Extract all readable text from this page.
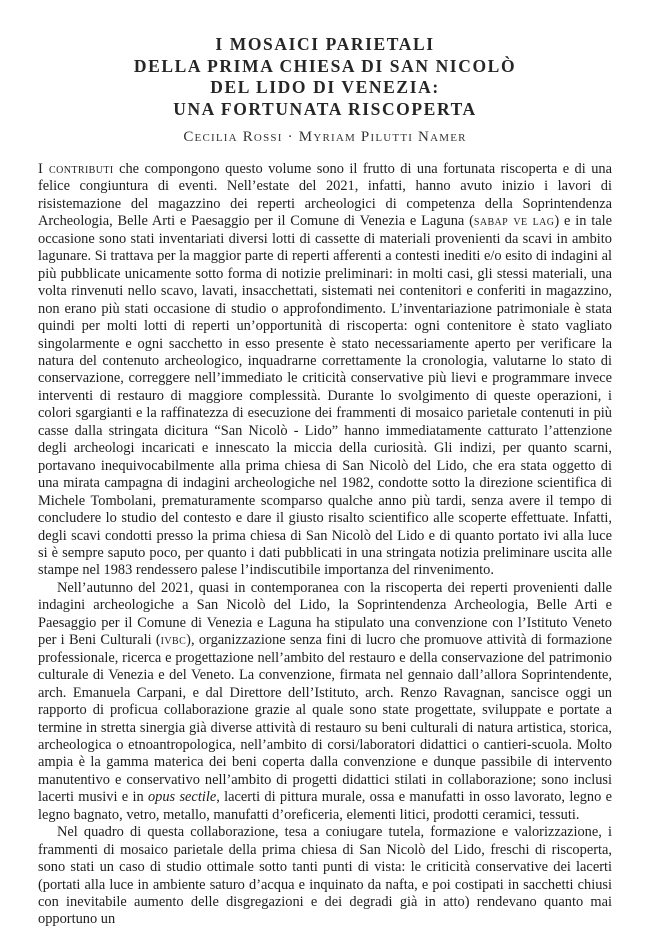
I MOSAICI PARIETALI
DELLA PRIMA CHIESA DI SAN NICOLÒ
DEL LIDO DI VENEZIA:
UNA FORTUNATA RISCOPERTA
Cecilia Rossi · Myriam Pilutti Namer

I contributi che compongono questo volume sono il frutto di una fortunata riscoperta e di una felice congiuntura di eventi. Nell’estate del 2021, infatti, hanno avuto inizio i lavori di risistemazione del magazzino dei reperti archeologici di competenza della Soprintendenza Archeologia, Belle Arti e Paesaggio per il Comune di Venezia e Laguna (sabap ve lag) e in tale occasione sono stati inventariati diversi lotti di cassette di materiali provenienti da scavi in ambito lagunare. Si trattava per la maggior parte di reperti afferenti a contesti inediti e/o esito di indagini al più pubblicate unicamente sotto forma di notizie preliminari: in molti casi, gli stessi materiali, una volta rinvenuti nello scavo, lavati, insacchettati, sistemati nei contenitori e conferiti in magazzino, non erano più stati occasione di studio o approfondimento. L’inventariazione patrimoniale è stata quindi per molti lotti di reperti un’opportunità di riscoperta: ogni contenitore è stato vagliato singolarmente e ogni sacchetto in esso presente è stato necessariamente aperto per verificare la natura del contenuto archeologico, inquadrarne correttamente la cronologia, valutarne lo stato di conservazione, correggere nell’immediato le criticità conservative più lievi e programmare invece interventi di restauro di maggiore complessità. Durante lo svolgimento di queste operazioni, i colori sgargianti e la raffinatezza di esecuzione dei frammenti di mosaico parietale contenuti in più casse dalla stringata dicitura “San Nicolò - Lido” hanno immediatamente catturato l’attenzione degli archeologi incaricati e innescato la miccia della curiosità. Gli indizi, per quanto scarni, portavano inequivocabilmente alla prima chiesa di San Nicolò del Lido, che era stata oggetto di una mirata campagna di indagini archeologiche nel 1982, condotte sotto la direzione scientifica di Michele Tombolani, prematuramente scomparso qualche anno più tardi, senza avere il tempo di concludere lo studio del contesto e dare il giusto risalto scientifico alle scoperte effettuate. Infatti, degli scavi condotti presso la prima chiesa di San Nicolò del Lido e di quanto portato ivi alla luce si è sempre saputo poco, per quanto i dati pubblicati in una stringata notizia preliminare uscita alle stampe nel 1983 rendessero palese l’indiscutibile importanza del rinvenimento.

Nell’autunno del 2021, quasi in contemporanea con la riscoperta dei reperti provenienti dalle indagini archeologiche a San Nicolò del Lido, la Soprintendenza Archeologia, Belle Arti e Paesaggio per il Comune di Venezia e Laguna ha stipulato una convenzione con l’Istituto Veneto per i Beni Culturali (ivbc), organizzazione senza fini di lucro che promuove attività di formazione professionale, ricerca e progettazione nell’ambito del restauro e della conservazione del patrimonio culturale di Venezia e del Veneto. La convenzione, firmata nel gennaio dall’allora Soprintendente, arch. Emanuela Carpani, e dal Direttore dell’Istituto, arch. Renzo Ravagnan, sancisce oggi un rapporto di proficua collaborazione grazie al quale sono state progettate, sviluppate e portate a termine in stretta sinergia già diverse attività di restauro su beni culturali di natura artistica, storica, archeologica o etnoantropologica, nell’ambito di corsi/laboratori didattici o cantieri-scuola. Molto ampia è la gamma materica dei beni coperta dalla convenzione e dunque passibile di intervento manutentivo e conservativo nell’ambito di progetti didattici stilati in collaborazione; sono inclusi lacerti musivi e in opus sectile, lacerti di pittura murale, ossa e manufatti in osso lavorato, legno e legno bagnato, vetro, metallo, manufatti d’oreficeria, elementi litici, prodotti ceramici, tessuti.

Nel quadro di questa collaborazione, tesa a coniugare tutela, formazione e valorizzazione, i frammenti di mosaico parietale della prima chiesa di San Nicolò del Lido, freschi di riscoperta, sono stati un caso di studio ottimale sotto tanti punti di vista: le criticità conservative dei lacerti (portati alla luce in ambiente saturo d’acqua e inquinato da nafta, e poi costipati in sacchetti chiusi con inevitabile aumento delle disgregazioni e dei degradi già in atto) rendevano quanto mai opportuno un
